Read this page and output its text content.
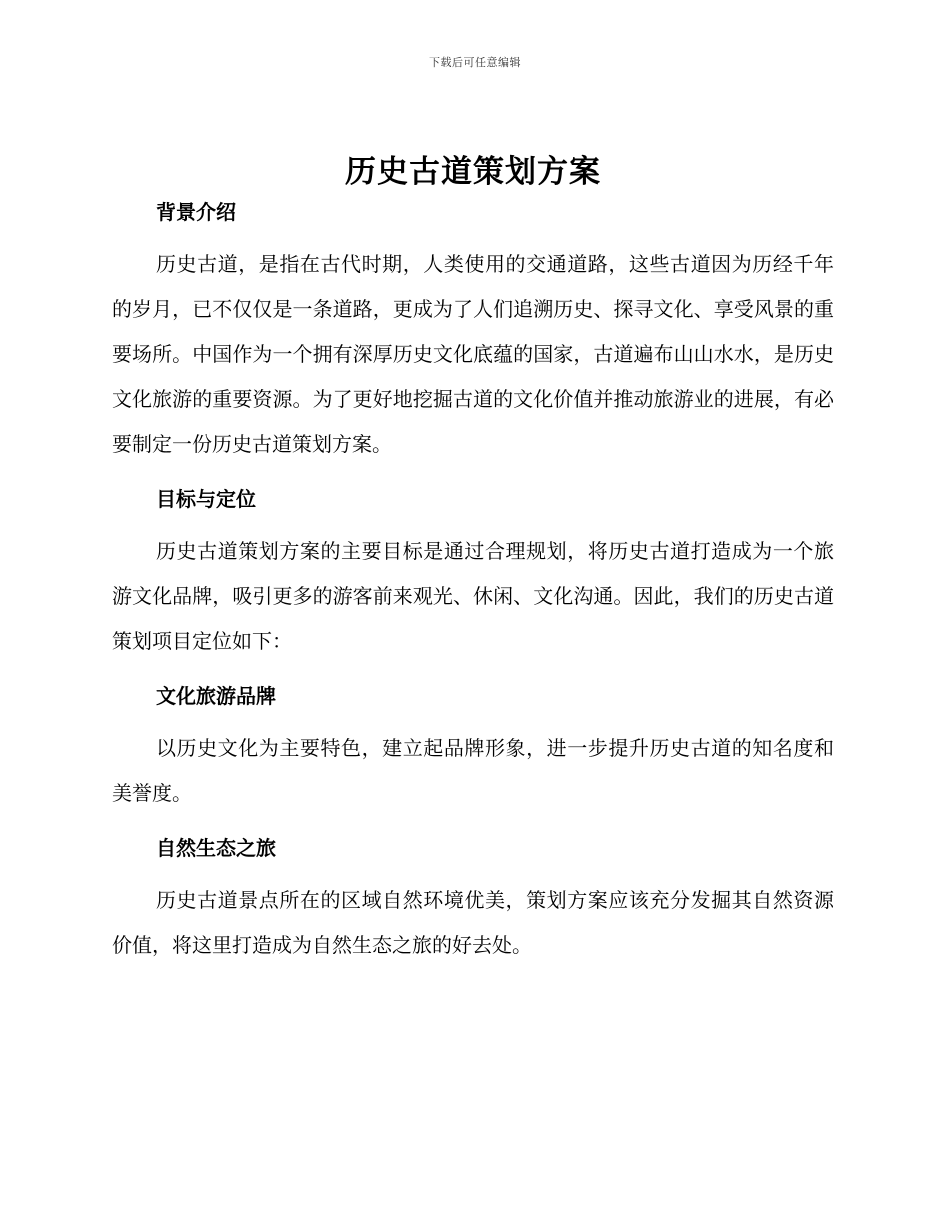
下载后可任意编辑
历史古道策划方案
背景介绍

历史古道，是指在古代时期，人类使用的交通道路，这些古道因为历经千年的岁月，已不仅仅是一条道路，更成为了人们追溯历史、探寻文化、享受风景的重要场所。中国作为一个拥有深厚历史文化底蕴的国家，古道遍布山山水水，是历史文化旅游的重要资源。为了更好地挖掘古道的文化价值并推动旅游业的进展，有必要制定一份历史古道策划方案。

目标与定位

历史古道策划方案的主要目标是通过合理规划，将历史古道打造成为一个旅游文化品牌，吸引更多的游客前来观光、休闲、文化沟通。因此，我们的历史古道策划项目定位如下：

文化旅游品牌

以历史文化为主要特色，建立起品牌形象，进一步提升历史古道的知名度和美誉度。

自然生态之旅

历史古道景点所在的区域自然环境优美，策划方案应该充分发掘其自然资源价值，将这里打造成为自然生态之旅的好去处。
